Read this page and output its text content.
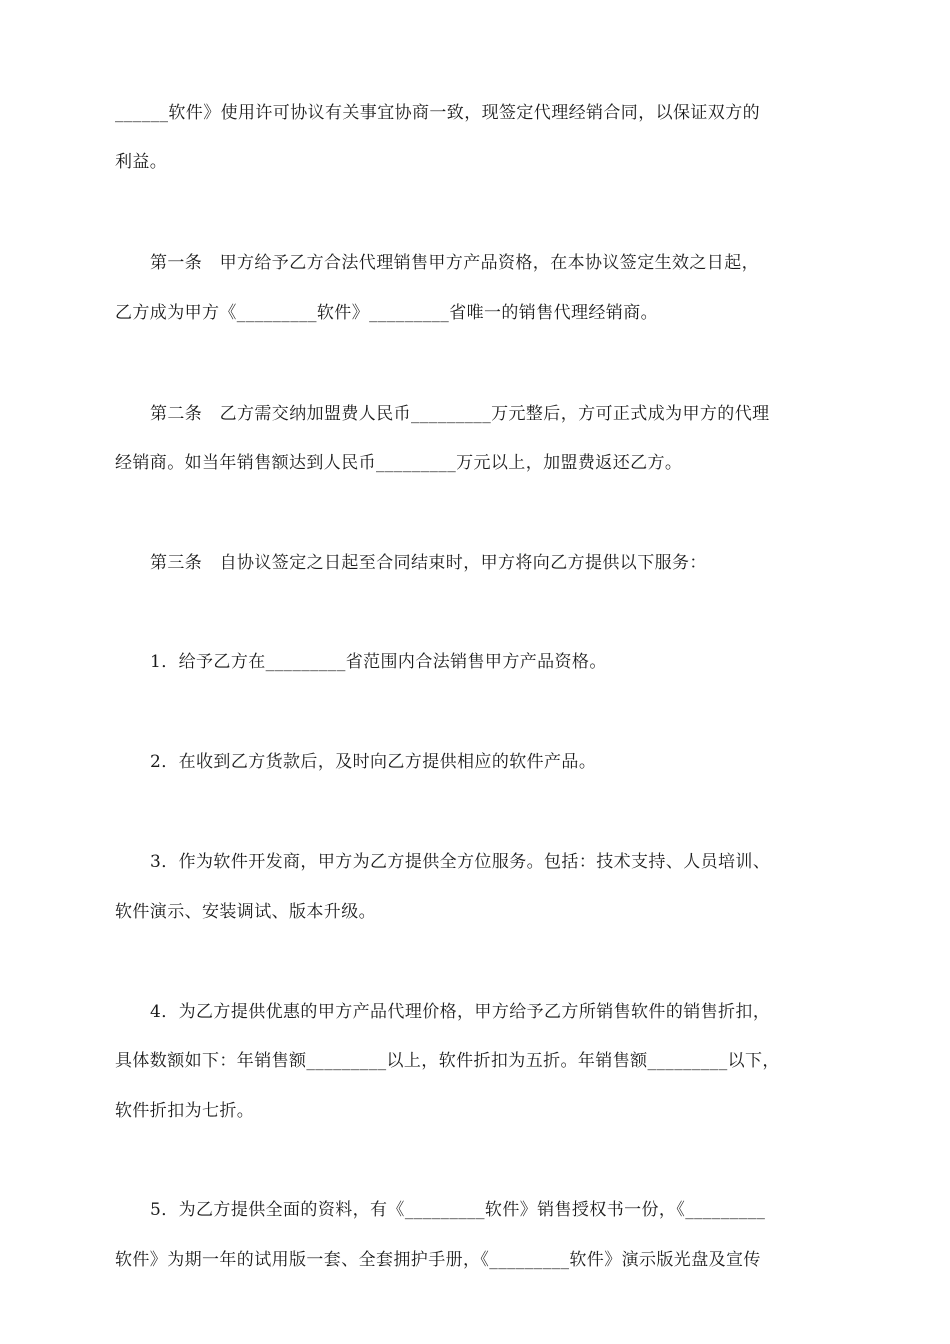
______软件》使用许可协议有关事宜协商一致，现签定代理经销合同，以保证双方的
利益。
第一条　甲方给予乙方合法代理销售甲方产品资格，在本协议签定生效之日起，
乙方成为甲方《_________软件》_________省唯一的销售代理经销商。
第二条　乙方需交纳加盟费人民币_________万元整后，方可正式成为甲方的代理
经销商。如当年销售额达到人民币_________万元以上，加盟费返还乙方。
第三条　自协议签定之日起至合同结束时，甲方将向乙方提供以下服务：
1．给予乙方在_________省范围内合法销售甲方产品资格。
2．在收到乙方货款后，及时向乙方提供相应的软件产品。
3．作为软件开发商，甲方为乙方提供全方位服务。包括：技术支持、人员培训、
软件演示、安装调试、版本升级。
4．为乙方提供优惠的甲方产品代理价格，甲方给予乙方所销售软件的销售折扣，
具体数额如下：年销售额_________以上，软件折扣为五折。年销售额_________以下，
软件折扣为七折。
5．为乙方提供全面的资料，有《_________软件》销售授权书一份，《_________
软件》为期一年的试用版一套、全套拥护手册，《_________软件》演示版光盘及宣传
